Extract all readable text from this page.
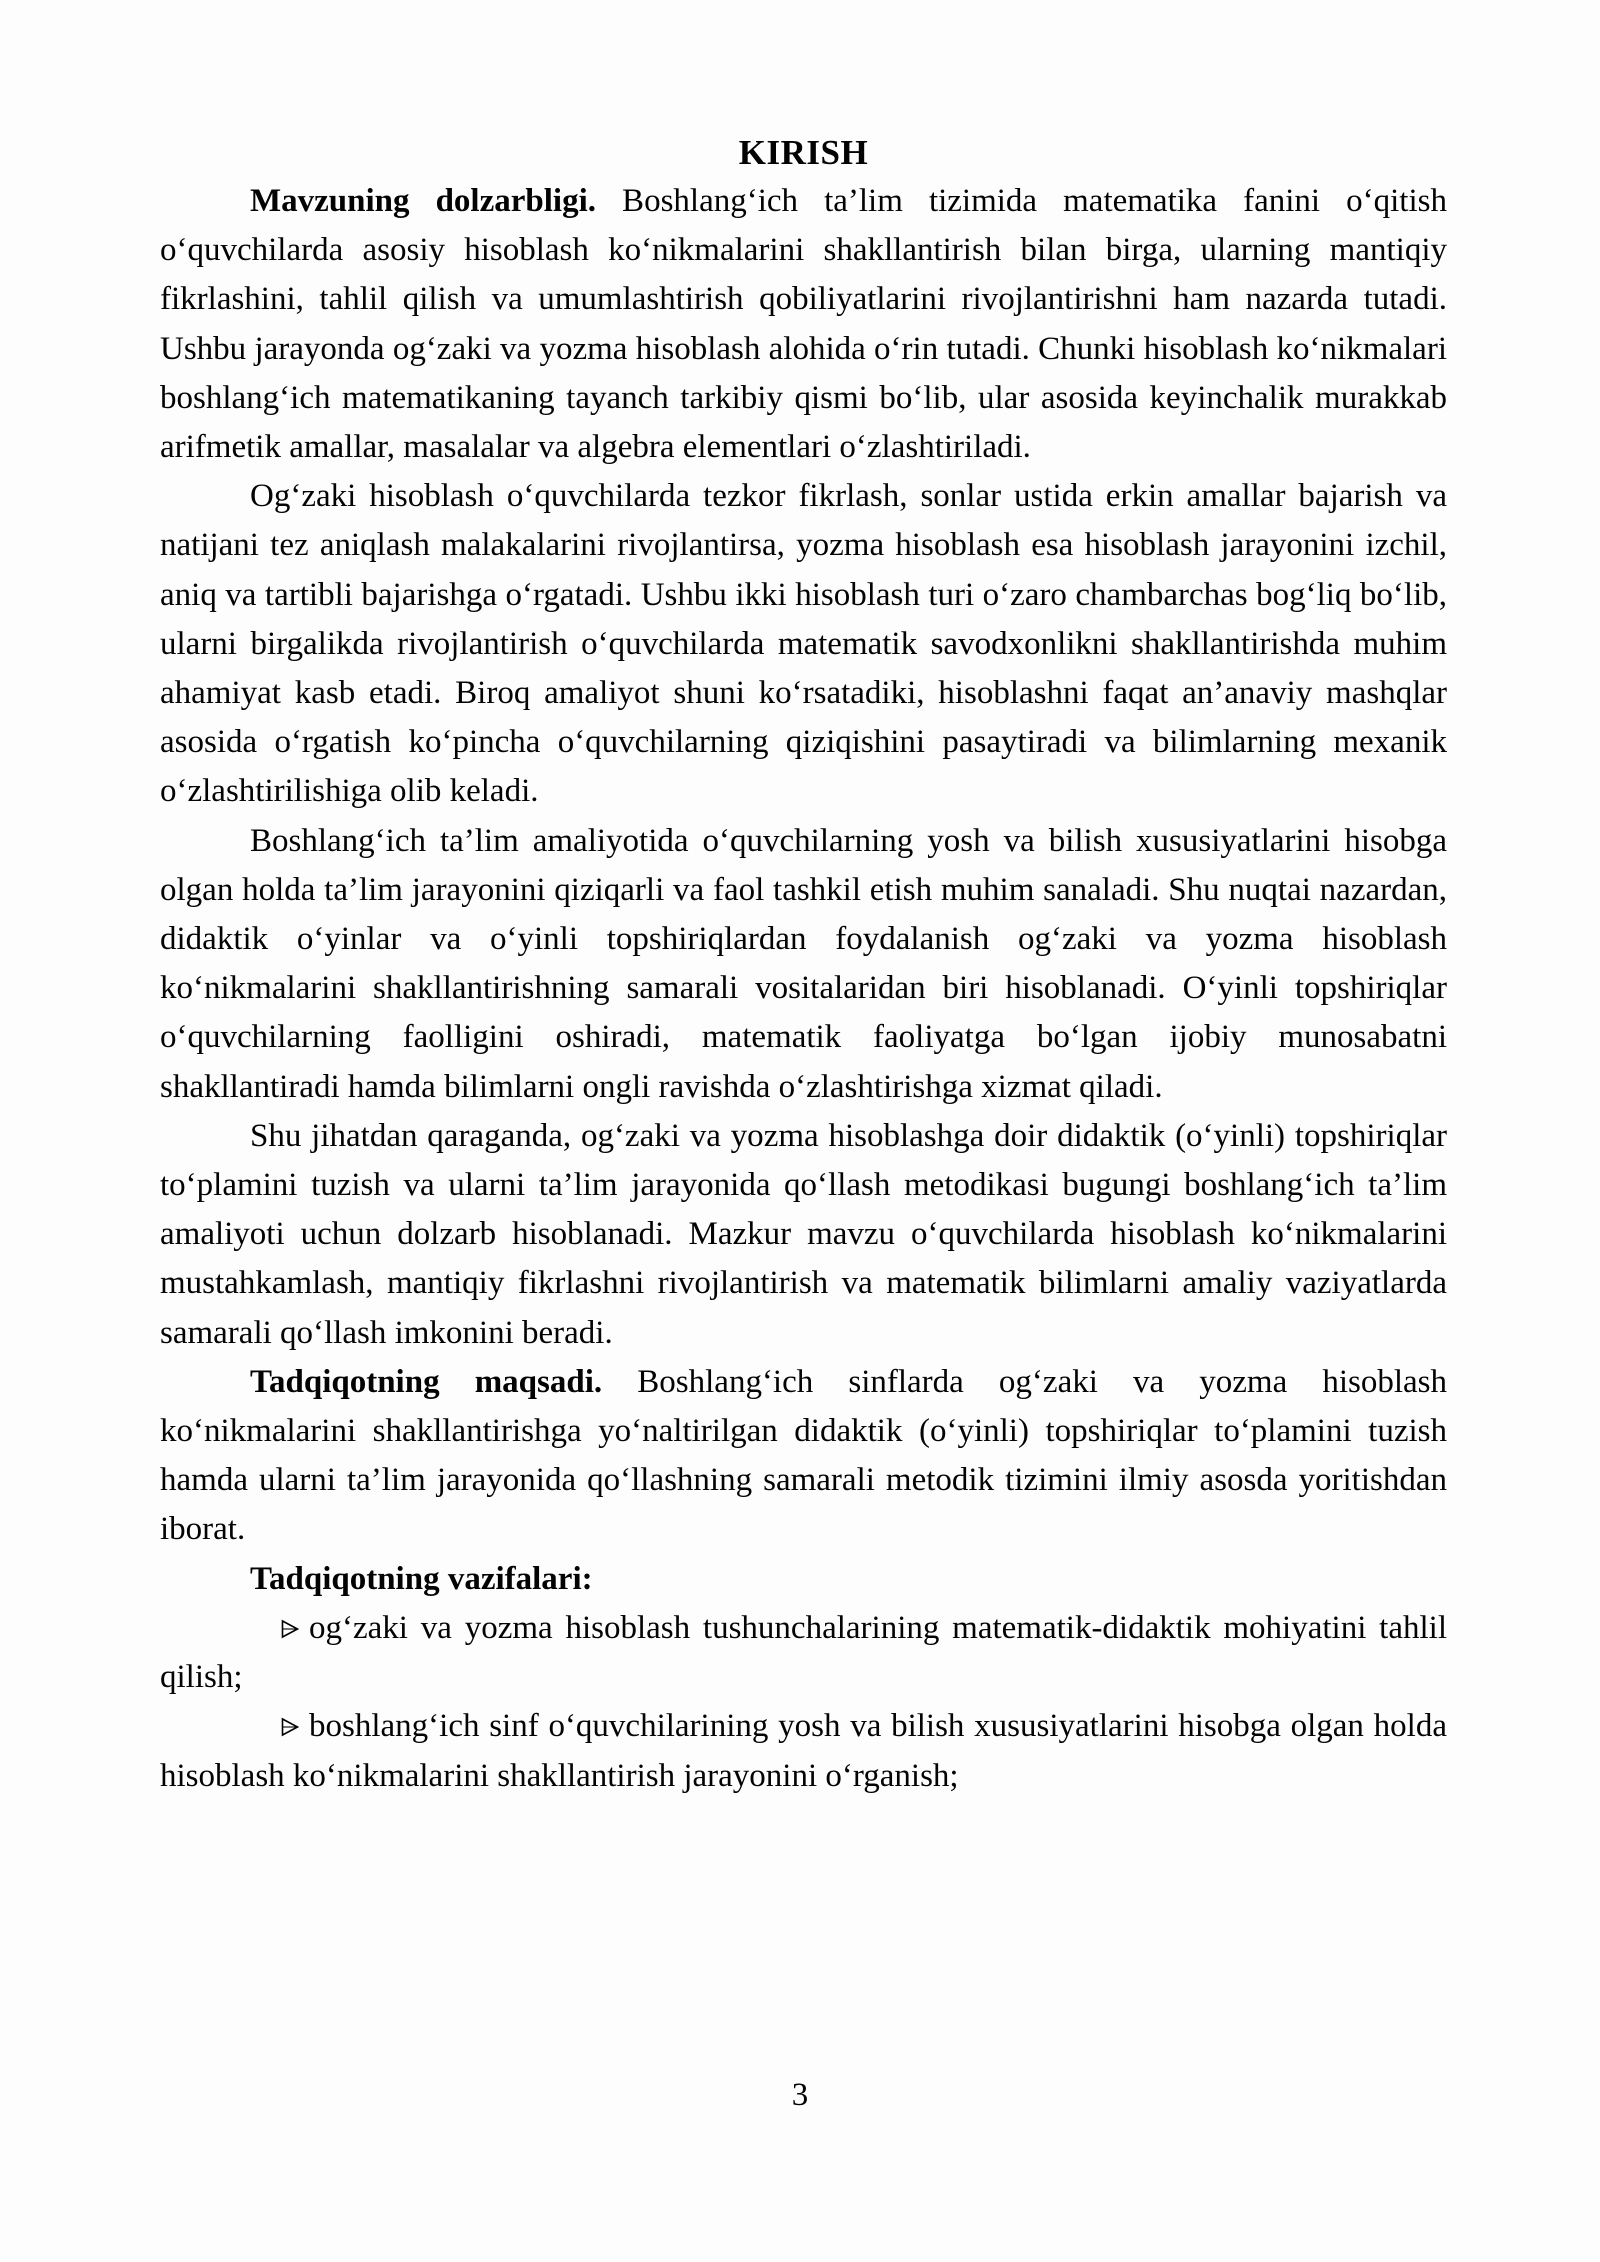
KIRISH

Mavzuning dolzarbligi. Boshlang‘ich ta’lim tizimida matematika fanini o‘qitish o‘quvchilarda asosiy hisoblash ko‘nikmalarini shakllantirish bilan birga, ularning mantiqiy fikrlashini, tahlil qilish va umumlashtirish qobiliyatlarini rivojlantirishni ham nazarda tutadi. Ushbu jarayonda og‘zaki va yozma hisoblash alohida o‘rin tutadi. Chunki hisoblash ko‘nikmalari boshlang‘ich matematikaning tayanch tarkibiy qismi bo‘lib, ular asosida keyinchalik murakkab arifmetik amallar, masalalar va algebra elementlari o‘zlashtiriladi.

Og‘zaki hisoblash o‘quvchilarda tezkor fikrlash, sonlar ustida erkin amallar bajarish va natijani tez aniqlash malakalarini rivojlantirsa, yozma hisoblash esa hisoblash jarayonini izchil, aniq va tartibli bajarishga o‘rgatadi. Ushbu ikki hisoblash turi o‘zaro chambarchas bog‘liq bo‘lib, ularni birgalikda rivojlantirish o‘quvchilarda matematik savodxonlikni shakllantirishda muhim ahamiyat kasb etadi. Biroq amaliyot shuni ko‘rsatadiki, hisoblashni faqat an’anaviy mashqlar asosida o‘rgatish ko‘pincha o‘quvchilarning qiziqishini pasaytiradi va bilimlarning mexanik o‘zlashtirilishiga olib keladi.

Boshlang‘ich ta’lim amaliyotida o‘quvchilarning yosh va bilish xususiyatlarini hisobga olgan holda ta’lim jarayonini qiziqarli va faol tashkil etish muhim sanaladi. Shu nuqtai nazardan, didaktik o‘yinlar va o‘yinli topshiriqlardan foydalanish og‘zaki va yozma hisoblash ko‘nikmalarini shakllantirishning samarali vositalaridan biri hisoblanadi. O‘yinli topshiriqlar o‘quvchilarning faolligini oshiradi, matematik faoliyatga bo‘lgan ijobiy munosabatni shakllantiradi hamda bilimlarni ongli ravishda o‘zlashtirishga xizmat qiladi.

Shu jihatdan qaraganda, og‘zaki va yozma hisoblashga doir didaktik (o‘yinli) topshiriqlar to‘plamini tuzish va ularni ta’lim jarayonida qo‘llash metodikasi bugungi boshlang‘ich ta’lim amaliyoti uchun dolzarb hisoblanadi. Mazkur mavzu o‘quvchilarda hisoblash ko‘nikmalarini mustahkamlash, mantiqiy fikrlashni rivojlantirish va matematik bilimlarni amaliy vaziyatlarda samarali qo‘llash imkonini beradi.

Tadqiqotning maqsadi. Boshlang‘ich sinflarda og‘zaki va yozma hisoblash ko‘nikmalarini shakllantirishga yo‘naltirilgan didaktik (o‘yinli) topshiriqlar to‘plamini tuzish hamda ularni ta’lim jarayonida qo‘llashning samarali metodik tizimini ilmiy asosda yoritishdan iborat.

Tadqiqotning vazifalari:

og‘zaki va yozma hisoblash tushunchalarining matematik-didaktik mohiyatini tahlil qilish;

boshlang‘ich sinf o‘quvchilarining yosh va bilish xususiyatlarini hisobga olgan holda hisoblash ko‘nikmalarini shakllantirish jarayonini o‘rganish;

3
